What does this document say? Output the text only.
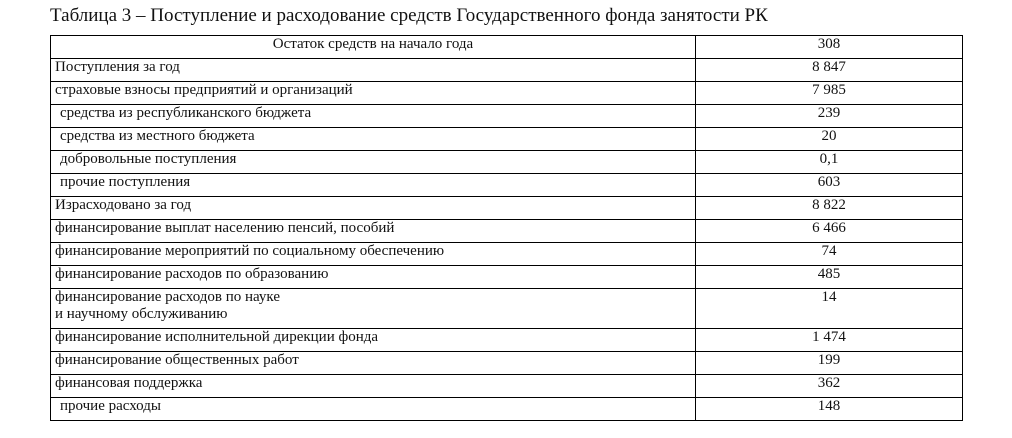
Таблица 3 – Поступление и расходование средств Государственного фонда занятости РК
Остаток средств на начало года	308
Поступления за год	8 847
страховые взносы предприятий и организаций	7 985
средства из республиканского бюджета	239
средства из местного бюджета	20
добровольные поступления	0,1
прочие поступления	603
Израсходовано за год	8 822
финансирование выплат населению пенсий, пособий	6 466
финансирование мероприятий по социальному обеспечению	74
финансирование расходов по образованию	485

финансирование расходов по науке
и научному обслуживанию	14
финансирование исполнительной дирекции фонда	1 474
финансирование общественных работ	199
финансовая поддержка	362
прочие расходы	148
